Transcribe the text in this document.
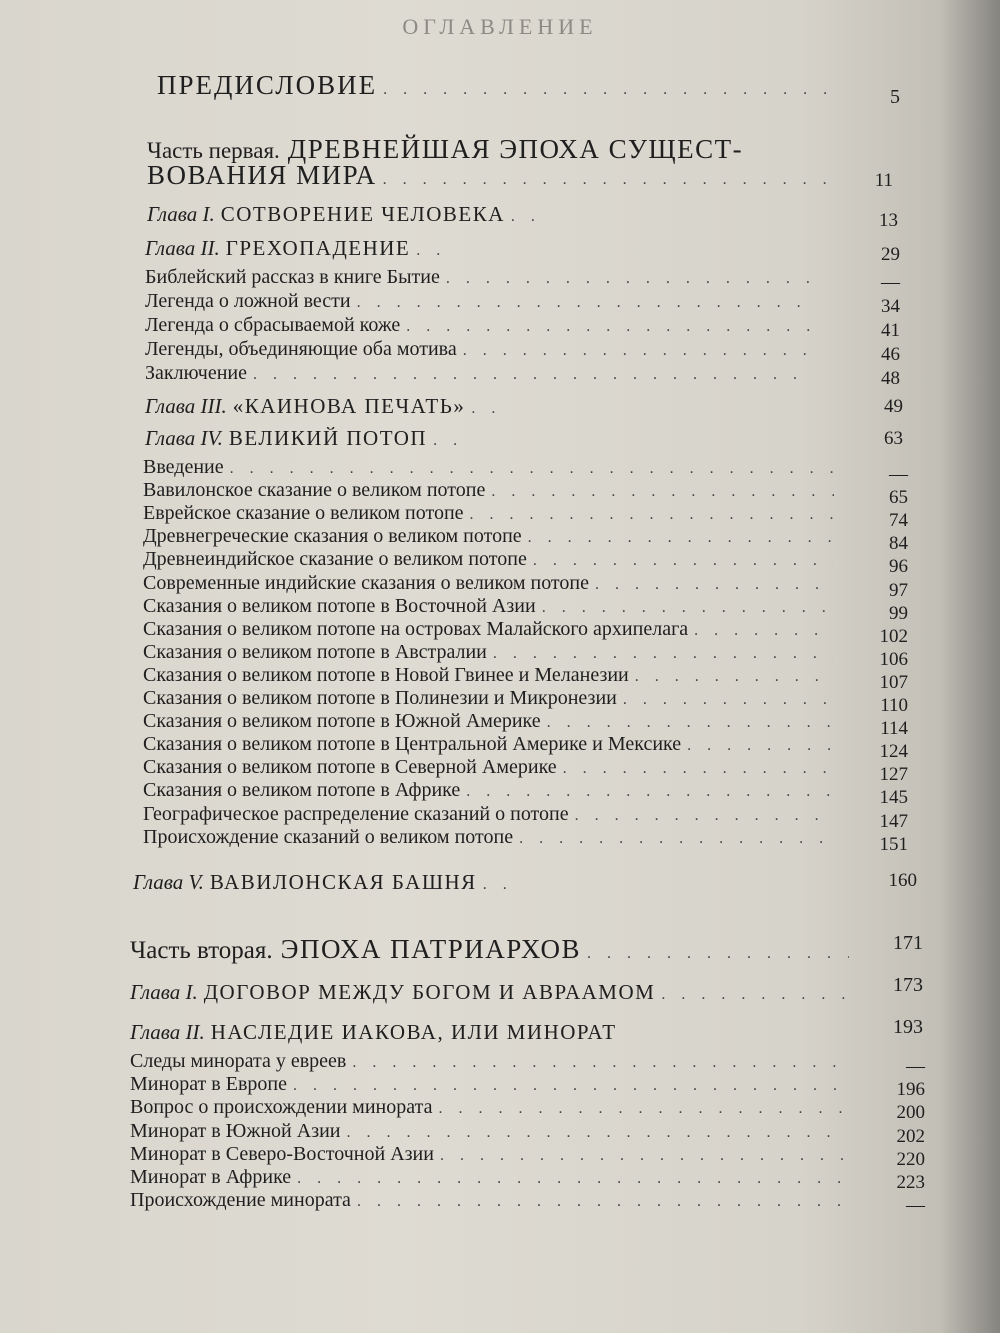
ОГЛАВЛЕНИЕ
ПРЕДИСЛОВИЕ . . .	5
Часть первая. ДРЕВНЕЙШАЯ ЭПОХА СУЩЕСТ-
ВОВАНИЯ МИРА . . .	11
Глава I. СОТВОРЕНИЕ ЧЕЛОВЕКА . . .	13
Глава II. ГРЕХОПАДЕНИЕ . . .	29
Библейский рассказ в книге Бытие . . .	—
Легенда о ложной вести . . .	34
Легенда о сбрасываемой коже . . .	41
Легенды, объединяющие оба мотива . . .	46
Заключение . . .	48
Глава III. «КАИНОВА ПЕЧАТЬ» . . .	49
Глава IV. ВЕЛИКИЙ ПОТОП . . .	63
Введение . . .	—
Вавилонское сказание о великом потопе . . .	65
Еврейское сказание о великом потопе . . .	74
Древнегреческие сказания о великом потопе . . .	84
Древнеиндийское сказание о великом потопе . . .	96
Современные индийские сказания о великом потопе . . .	97
Сказания о великом потопе в Восточной Азии . . .	99
Сказания о великом потопе на островах Малайского архипелага . . .	102
Сказания о великом потопе в Австралии . . .	106
Сказания о великом потопе в Новой Гвинее и Меланезии . . .	107
Сказания о великом потопе в Полинезии и Микронезии . . .	110
Сказания о великом потопе в Южной Америке . . .	114
Сказания о великом потопе в Центральной Америке и Мексике . . .	124
Сказания о великом потопе в Северной Америке . . .	127
Сказания о великом потопе в Африке . . .	145
Географическое распределение сказаний о потопе . . .	147
Происхождение сказаний о великом потопе . . .	151
Глава V. ВАВИЛОНСКАЯ БАШНЯ . . .	160
Часть вторая. ЭПОХА ПАТРИАРХОВ . . .	171
Глава I. ДОГОВОР МЕЖДУ БОГОМ И АВРААМОМ . . .	173
Глава II. НАСЛЕДИЕ ИАКОВА, ИЛИ МИНОРАТ	193
Следы минората у евреев . . .	—
Минорат в Европе . . .	196
Вопрос о происхождении минората . . .	200
Минорат в Южной Азии . . .	202
Минорат в Северо-Восточной Азии . . .	220
Минорат в Африке . . .	223
Происхождение минората . . .	—
